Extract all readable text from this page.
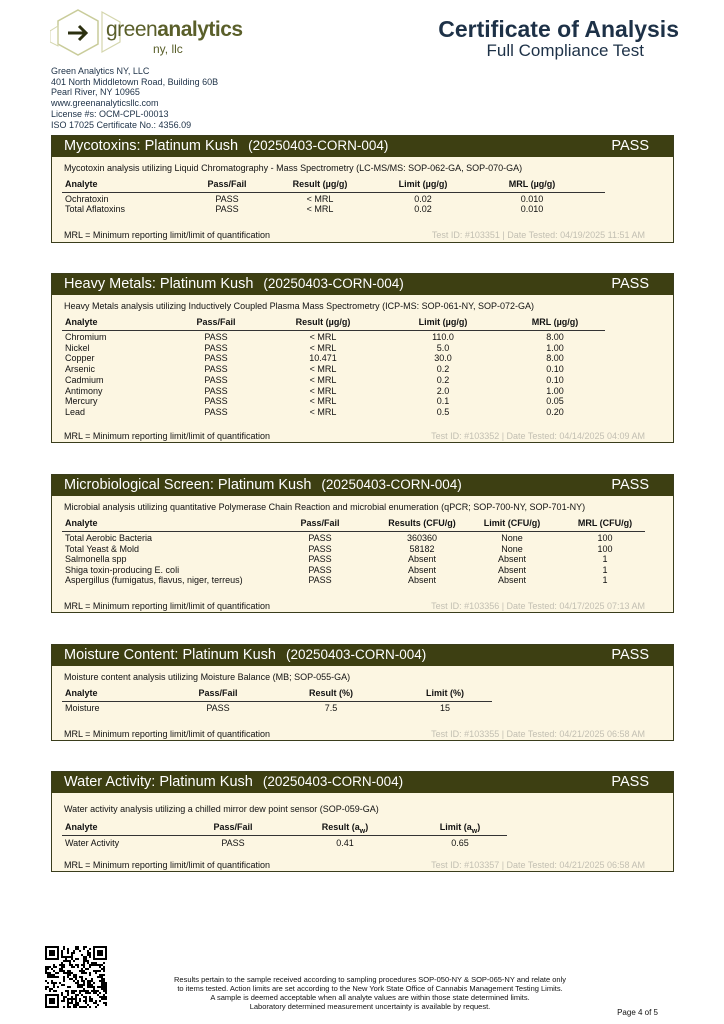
greenanalytics
ny, llc
Certificate of Analysis
Full Compliance Test
Green Analytics NY, LLC
401 North Middletown Road, Building 60B
Pearl River, NY 10965
www.greenanalyticsllc.com
License #s: OCM-CPL-00013
ISO 17025 Certificate No.: 4356.09
Mycotoxins: Platinum Kush (20250403-CORN-004)	PASS
Mycotoxin analysis utilizing Liquid Chromatography - Mass Spectrometry (LC-MS/MS: SOP-062-GA, SOP-070-GA)
Analyte	Pass/Fail	Result (µg/g)	Limit (µg/g)	MRL (µg/g)
Ochratoxin	PASS	< MRL	0.02	0.010
Total Aflatoxins	PASS	< MRL	0.02	0.010
MRL = Minimum reporting limit/limit of quantification	Test ID: #103351 | Date Tested: 04/19/2025 11:51 AM
Heavy Metals: Platinum Kush (20250403-CORN-004)	PASS
Heavy Metals analysis utilizing Inductively Coupled Plasma Mass Spectrometry (ICP-MS: SOP-061-NY, SOP-072-GA)
Analyte	Pass/Fail	Result (µg/g)	Limit (µg/g)	MRL (µg/g)
Chromium	PASS	< MRL	110.0	8.00
Nickel	PASS	< MRL	5.0	1.00
Copper	PASS	10.471	30.0	8.00
Arsenic	PASS	< MRL	0.2	0.10
Cadmium	PASS	< MRL	0.2	0.10
Antimony	PASS	< MRL	2.0	1.00
Mercury	PASS	< MRL	0.1	0.05
Lead	PASS	< MRL	0.5	0.20
MRL = Minimum reporting limit/limit of quantification	Test ID: #103352 | Date Tested: 04/14/2025 04:09 AM
Microbiological Screen: Platinum Kush (20250403-CORN-004)	PASS
Microbial analysis utilizing quantitative Polymerase Chain Reaction and microbial enumeration (qPCR; SOP-700-NY, SOP-701-NY)
Analyte	Pass/Fail	Results (CFU/g)	Limit (CFU/g)	MRL (CFU/g)
Total Aerobic Bacteria	PASS	360360	None	100
Total Yeast & Mold	PASS	58182	None	100
Salmonella spp	PASS	Absent	Absent	1
Shiga toxin-producing E. coli	PASS	Absent	Absent	1
Aspergillus (fumigatus, flavus, niger, terreus)	PASS	Absent	Absent	1
MRL = Minimum reporting limit/limit of quantification	Test ID: #103356 | Date Tested: 04/17/2025 07:13 AM
Moisture Content: Platinum Kush (20250403-CORN-004)	PASS
Moisture content analysis utilizing Moisture Balance (MB; SOP-055-GA)
Analyte	Pass/Fail	Result (%)	Limit (%)
Moisture	PASS	7.5	15
MRL = Minimum reporting limit/limit of quantification	Test ID: #103355 | Date Tested: 04/21/2025 06:58 AM
Water Activity: Platinum Kush (20250403-CORN-004)	PASS
Water activity analysis utilizing a chilled mirror dew point sensor (SOP-059-GA)
Analyte	Pass/Fail	Result $(a_w)$	Limit $(a_w)$
Water Activity	PASS	0.41	0.65
MRL = Minimum reporting limit/limit of quantification	Test ID: #103357 | Date Tested: 04/21/2025 06:58 AM
Results pertain to the sample received according to sampling procedures SOP-050-NY & SOP-065-NY and relate only
to items tested. Action limits are set according to the New York State Office of Cannabis Management Testing Limits.
A sample is deemed acceptable when all analyte values are within those state determined limits.
Laboratory determined measurement uncertainty is available by request.
Page 4 of 5
